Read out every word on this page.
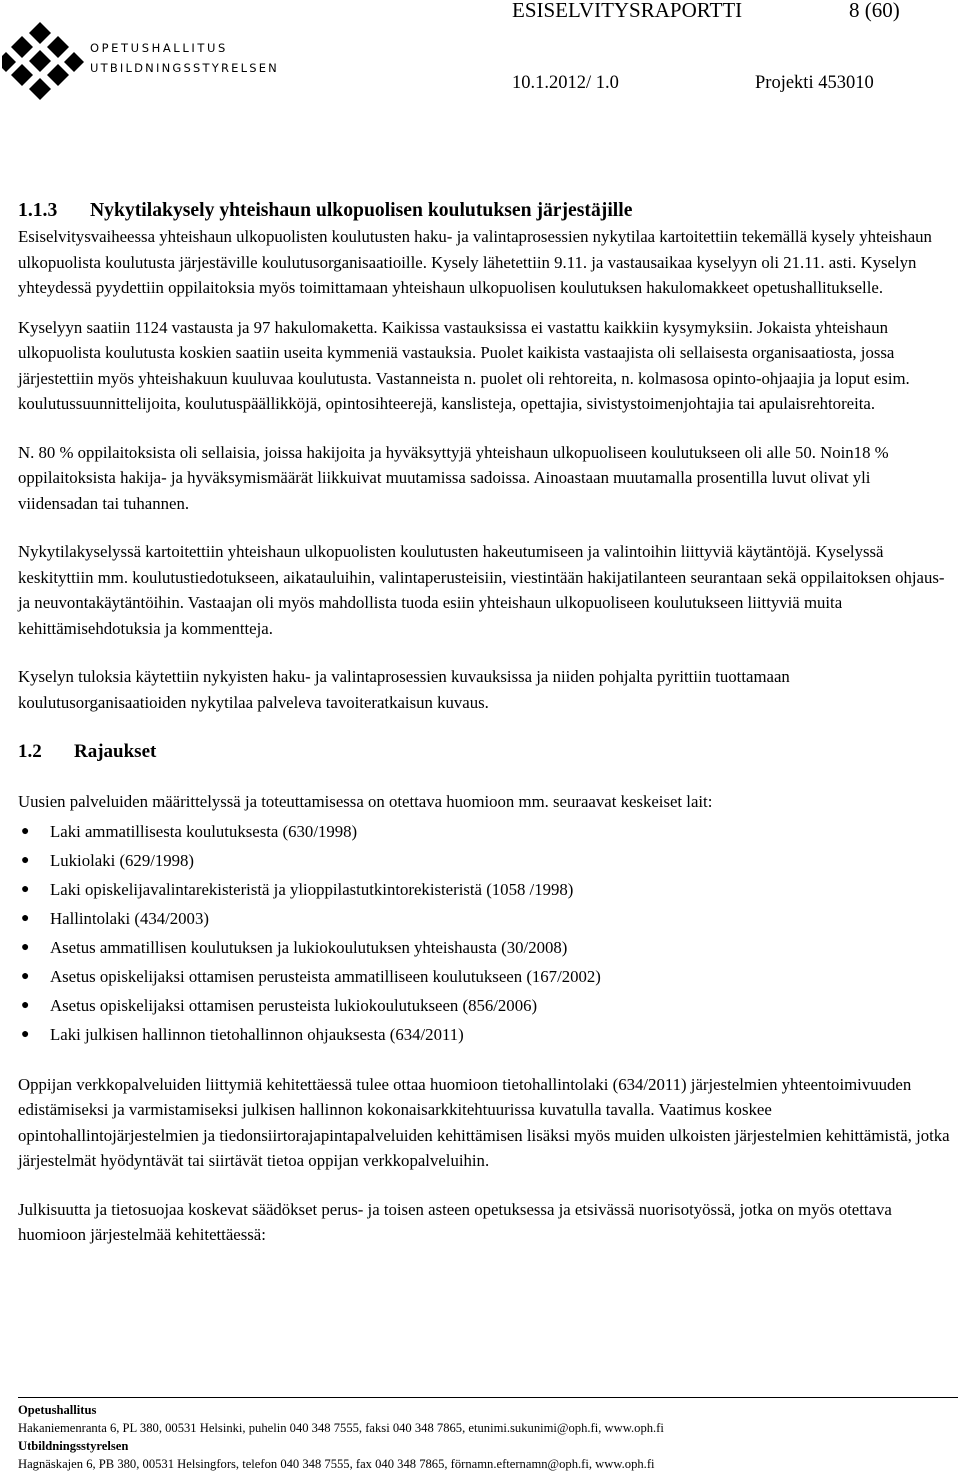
OPETUSHALLITUS
UTBILDNINGSSTYRELSEN
ESISELVITYSRAPORTTI	8 (60)
10.1.2012/ 1.0	Projekti 453010
1.1.3 Nykytilakysely yhteishaun ulkopuolisen koulutuksen järjestäjille

Esiselvitysvaiheessa yhteishaun ulkopuolisten koulutusten haku- ja valintaprosessien nykytilaa kartoitettiin tekemällä kysely yhteishaun ulkopuolista koulutusta järjestäville koulutusorganisaatioille. Kysely lähetettiin 9.11. ja vastausaikaa kyselyyn oli 21.11. asti. Kyselyn yhteydessä pyydettiin oppilaitoksia myös toimittamaan yhteishaun ulkopuolisen koulutuksen hakulomakkeet opetushallitukselle.

Kyselyyn saatiin 1124 vastausta ja 97 hakulomaketta. Kaikissa vastauksissa ei vastattu kaikkiin kysymyksiin. Jokaista yhteishaun ulkopuolista koulutusta koskien saatiin useita kymmeniä vastauksia. Puolet kaikista vastaajista oli sellaisesta organisaatiosta, jossa järjestettiin myös yhteishakuun kuuluvaa koulutusta. Vastanneista n. puolet oli rehtoreita, n. kolmasosa opinto-ohjaajia ja loput esim. koulutussuunnittelijoita, koulutuspäällikköjä, opintosihteerejä, kanslisteja, opettajia, sivistystoimenjohtajia tai apulaisrehtoreita.

N. 80 % oppilaitoksista oli sellaisia, joissa hakijoita ja hyväksyttyjä yhteishaun ulkopuoliseen koulutukseen oli alle 50. Noin18 % oppilaitoksista hakija- ja hyväksymismäärät liikkuivat muutamissa sadoissa. Ainoastaan muutamalla prosentilla luvut olivat yli viidensadan tai tuhannen.

Nykytilakyselyssä kartoitettiin yhteishaun ulkopuolisten koulutusten hakeutumiseen ja valintoihin liittyviä käytäntöjä. Kyselyssä keskityttiin mm. koulutustiedotukseen, aikatauluihin, valintaperusteisiin, viestintään hakijatilanteen seurantaan sekä oppilaitoksen ohjaus- ja neuvontakäytäntöihin. Vastaajan oli myös mahdollista tuoda esiin yhteishaun ulkopuoliseen koulutukseen liittyviä muita kehittämisehdotuksia ja kommentteja.

Kyselyn tuloksia käytettiin nykyisten haku- ja valintaprosessien kuvauksissa ja niiden pohjalta pyrittiin tuottamaan koulutusorganisaatioiden nykytilaa palveleva tavoiteratkaisun kuvaus.

1.2 Rajaukset

Uusien palveluiden määrittelyssä ja toteuttamisessa on otettava huomioon mm. seuraavat keskeiset lait:

● Laki ammatillisesta koulutuksesta (630/1998)
● Lukiolaki (629/1998)
● Laki opiskelijavalintarekisteristä ja ylioppilastutkintorekisteristä (1058 /1998)
● Hallintolaki (434/2003)
● Asetus ammatillisen koulutuksen ja lukiokoulutuksen yhteishausta (30/2008)
● Asetus opiskelijaksi ottamisen perusteista ammatilliseen koulutukseen (167/2002)
● Asetus opiskelijaksi ottamisen perusteista lukiokoulutukseen (856/2006)
● Laki julkisen hallinnon tietohallinnon ohjauksesta (634/2011)

Oppijan verkkopalveluiden liittymiä kehitettäessä tulee ottaa huomioon tietohallintolaki (634/2011) järjestelmien yhteentoimivuuden edistämiseksi ja varmistamiseksi julkisen hallinnon kokonaisarkkitehtuurissa kuvatulla tavalla. Vaatimus koskee opintohallintojärjestelmien ja tiedonsiirtorajapintapalveluiden kehittämisen lisäksi myös muiden ulkoisten järjestelmien kehittämistä, jotka järjestelmät hyödyntävät tai siirtävät tietoa oppijan verkkopalveluihin.

Julkisuutta ja tietosuojaa koskevat säädökset perus- ja toisen asteen opetuksessa ja etsivässä nuorisotyössä, jotka on myös otettava huomioon järjestelmää kehitettäessä:

Opetushallitus
Hakaniemenranta 6, PL 380, 00531 Helsinki, puhelin 040 348 7555, faksi 040 348 7865, etunimi.sukunimi@oph.fi, www.oph.fi
Utbildningsstyrelsen
Hagnäskajen 6, PB 380, 00531 Helsingfors, telefon 040 348 7555, fax 040 348 7865, förnamn.efternamn@oph.fi, www.oph.fi
